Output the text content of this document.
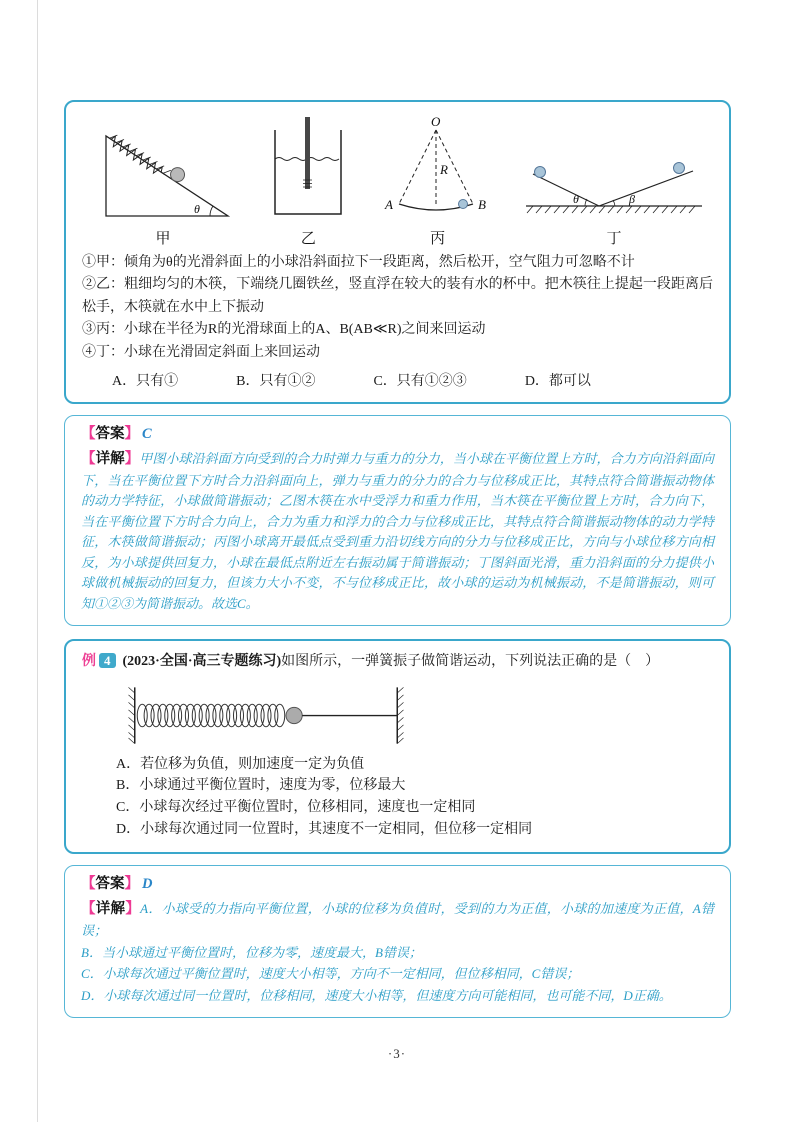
θ
甲	乙
O
R
A	B
丙
θ	β
丁
①甲：倾角为θ的光滑斜面上的小球沿斜面拉下一段距离，然后松开，空气阻力可忽略不计
②乙：粗细均匀的木筷，下端绕几圈铁丝，竖直浮在较大的装有水的杯中。把木筷往上提起一段距离后松手，木筷就在水中上下振动
③丙：小球在半径为R的光滑球面上的A、B(AB≪R)之间来回运动
④丁：小球在光滑固定斜面上来回运动
A．只有①	B．只有①②	C．只有①②③	D．都可以

【答案】 C

【详解】甲图小球沿斜面方向受到的合力时弹力与重力的分力，当小球在平衡位置上方时，合力方向沿斜面向下，当在平衡位置下方时合力沿斜面向上，弹力与重力的分力的合力与位移成正比，其特点符合简谐振动物体的动力学特征，小球做简谐振动；乙图木筷在水中受浮力和重力作用，当木筷在平衡位置上方时，合力向下，当在平衡位置下方时合力向上，合力为重力和浮力的合力与位移成正比，其特点符合简谐振动物体的动力学特征，木筷做简谐振动；丙图小球离开最低点受到重力沿切线方向的分力与位移成正比，方向与小球位移方向相反，为小球提供回复力，小球在最低点附近左右振动属于简谐振动；丁图斜面光滑，重力沿斜面的分力提供小球做机械振动的回复力，但该力大小不变，不与位移成正比，故小球的运动为机械振动，不是简谐振动，则可知①②③为简谐振动。故选C。

例 4 (2023·全国·高三专题练习)如图所示，一弹簧振子做简谐运动，下列说法正确的是（　）
A．若位移为负值，则加速度一定为负值
B．小球通过平衡位置时，速度为零，位移最大
C．小球每次经过平衡位置时，位移相同，速度也一定相同
D．小球每次通过同一位置时，其速度不一定相同，但位移一定相同

【答案】 D

【详解】A．小球受的力指向平衡位置，小球的位移为负值时，受到的力为正值，小球的加速度为正值，A错误；

B．当小球通过平衡位置时，位移为零，速度最大，B错误；

C．小球每次通过平衡位置时，速度大小相等，方向不一定相同，但位移相同，C错误；

D．小球每次通过同一位置时，位移相同，速度大小相等，但速度方向可能相同，也可能不同，D正确。

·3·
